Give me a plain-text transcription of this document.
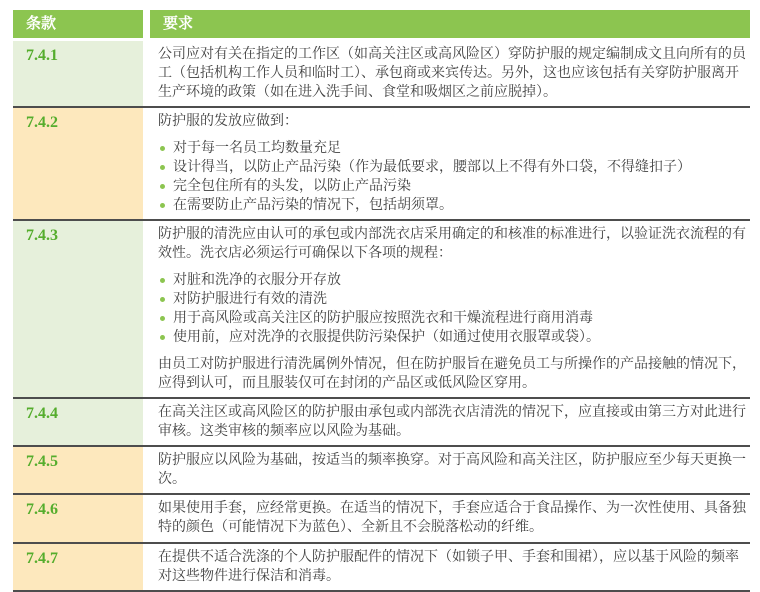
条款	要求
7.4.1	公司应对有关在指定的工作区（如高关注区或高风险区）穿防护服的规定编制成文且向所有的员工（包括机构工作人员和临时工）、承包商或来宾传达。另外，这也应该包括有关穿防护服离开生产环境的政策（如在进入洗手间、食堂和吸烟区之前应脱掉）。

7.4.2	防护服的发放应做到：

对于每一名员工均数量充足
设计得当，以防止产品污染（作为最低要求，腰部以上不得有外口袋，不得缝扣子）
完全包住所有的头发，以防止产品污染
在需要防止产品污染的情况下，包括胡须罩。
7.4.3	防护服的清洗应由认可的承包或内部洗衣店采用确定的和核准的标准进行，以验证洗衣流程的有效性。洗衣店必须运行可确保以下各项的规程：

对脏和洗净的衣服分开存放
对防护服进行有效的清洗
用于高风险或高关注区的防护服应按照洗衣和干燥流程进行商用消毒
使用前，应对洗净的衣服提供防污染保护（如通过使用衣服罩或袋）。

由员工对防护服进行清洗属例外情况，但在防护服旨在避免员工与所操作的产品接触的情况下，应得到认可，而且服装仅可在封闭的产品区或低风险区穿用。

7.4.4	在高关注区或高风险区的防护服由承包或内部洗衣店清洗的情况下，应直接或由第三方对此进行审核。这类审核的频率应以风险为基础。

7.4.5	防护服应以风险为基础，按适当的频率换穿。对于高风险和高关注区，防护服应至少每天更换一次。

7.4.6	如果使用手套，应经常更换。在适当的情况下，手套应适合于食品操作、为一次性使用、具备独特的颜色（可能情况下为蓝色）、全新且不会脱落松动的纤维。

7.4.7	在提供不适合洗涤的个人防护服配件的情况下（如锁子甲、手套和围裙），应以基于风险的频率对这些物件进行保洁和消毒。
